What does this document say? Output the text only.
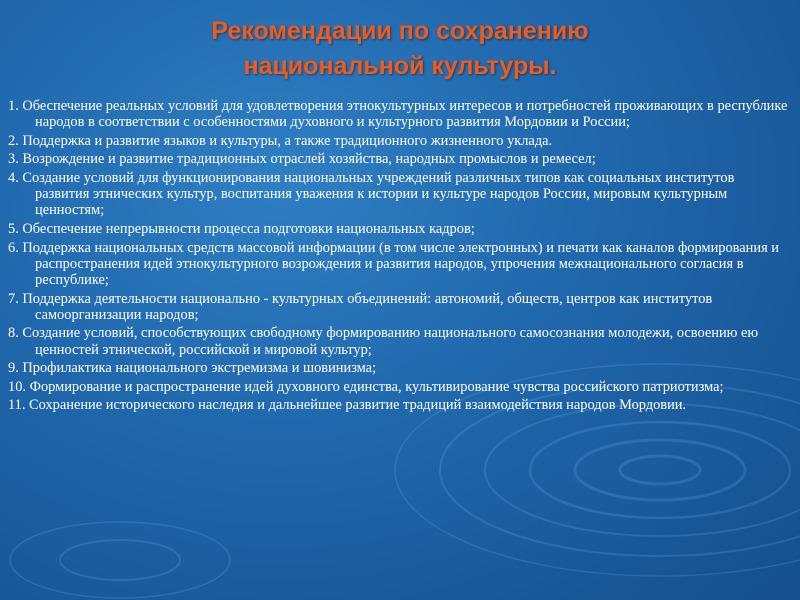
Рекомендации по сохранению
национальной культуры.
1. Обеспечение реальных условий для удовлетворения этнокультурных интересов и потребностей проживающих в республике народов в соответствии с особенностями духовного и культурного развития Мордовии и России;
2. Поддержка и развитие языков и культуры, а также традиционного жизненного уклада.
3. Возрождение и развитие традиционных отраслей хозяйства, народных промыслов и ремесел;
4. Создание условий для функционирования национальных учреждений различных типов как социальных институтов развития этнических культур, воспитания уважения к истории и культуре народов России, мировым культурным ценностям;
5. Обеспечение непрерывности процесса подготовки национальных кадров;
6. Поддержка национальных средств массовой информации (в том числе электронных) и печати как каналов формирования и распространения идей этнокультурного возрождения и развития народов, упрочения межнационального согласия в республике;
7. Поддержка деятельности национально - культурных объединений: автономий, обществ, центров как институтов самоорганизации народов;
8. Создание условий, способствующих свободному формированию национального самосознания молодежи, освоению ею ценностей этнической, российской и мировой культур;
9. Профилактика национального экстремизма и шовинизма;
10. Формирование и распространение идей духовного единства, культивирование чувства российского патриотизма;
11. Сохранение исторического наследия и дальнейшее развитие традиций взаимодействия народов Мордовии.
